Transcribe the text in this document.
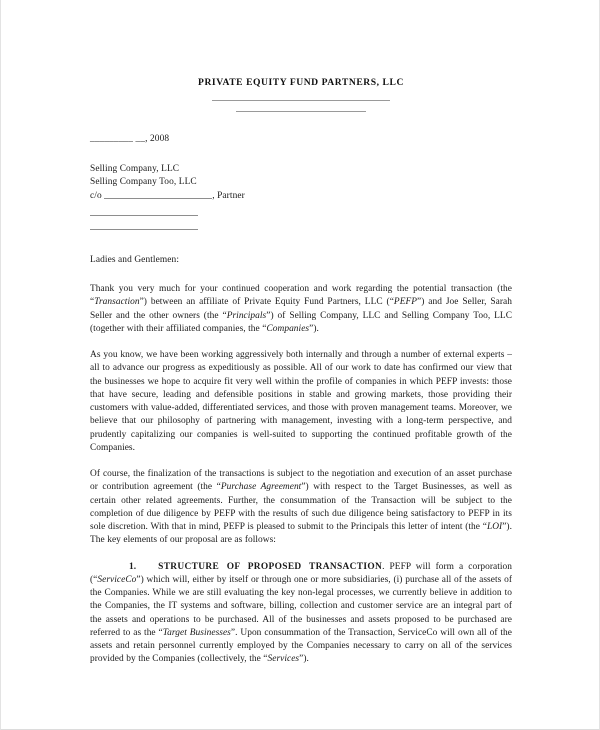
PRIVATE EQUITY FUND PARTNERS, LLC
_________ __, 2008
Selling Company, LLC
Selling Company Too, LLC
c/o	, Partner
Ladies and Gentlemen:

Thank you very much for your continued cooperation and work regarding the potential transaction (the “Transaction”) between an affiliate of Private Equity Fund Partners, LLC (“PEFP”) and Joe Seller, Sarah Seller and the other owners (the “Principals”) of Selling Company, LLC and Selling Company Too, LLC (together with their affiliated companies, the “Companies”).

As you know, we have been working aggressively both internally and through a number of external experts – all to advance our progress as expeditiously as possible. All of our work to date has confirmed our view that the businesses we hope to acquire fit very well within the profile of companies in which PEFP invests: those that have secure, leading and defensible positions in stable and growing markets, those providing their customers with value-added, differentiated services, and those with proven management teams. Moreover, we believe that our philosophy of partnering with management, investing with a long-term perspective, and prudently capitalizing our companies is well-suited to supporting the continued profitable growth of the Companies.

Of course, the finalization of the transactions is subject to the negotiation and execution of an asset purchase or contribution agreement (the “Purchase Agreement”) with respect to the Target Businesses, as well as certain other related agreements. Further, the consummation of the Transaction will be subject to the completion of due diligence by PEFP with the results of such due diligence being satisfactory to PEFP in its sole discretion. With that in mind, PEFP is pleased to submit to the Principals this letter of intent (the “LOI”). The key elements of our proposal are as follows:

1. STRUCTURE OF PROPOSED TRANSACTION. PEFP will form a corporation (“ServiceCo”) which will, either by itself or through one or more subsidiaries, (i) purchase all of the assets of the Companies. While we are still evaluating the key non-legal processes, we currently believe in addition to the Companies, the IT systems and software, billing, collection and customer service are an integral part of the assets and operations to be purchased. All of the businesses and assets proposed to be purchased are referred to as the “Target Businesses”. Upon consummation of the Transaction, ServiceCo will own all of the assets and retain personnel currently employed by the Companies necessary to carry on all of the services provided by the Companies (collectively, the “Services”).
